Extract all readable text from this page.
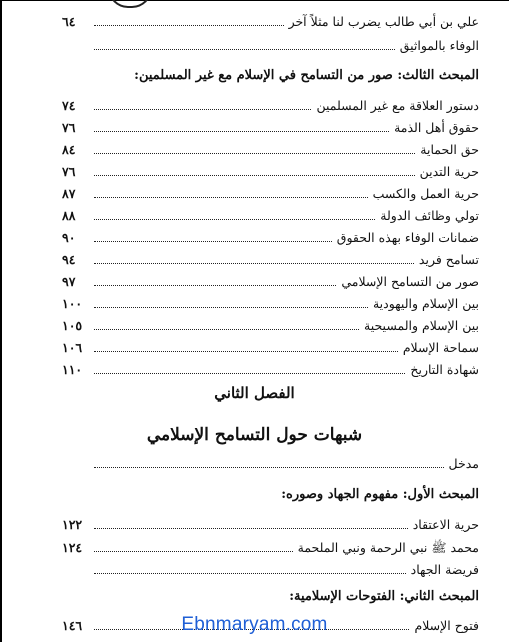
علي بن أبي طالب يضرب لنا مثلاً آخر
٦٤
الوفاء بالمواثيق
المبحث الثالث: صور من التسامح في الإسلام مع غير المسلمين:
دستور العلاقة مع غير المسلمين
٧٤
حقوق أهل الذمة
٧٦
حق الحماية
٨٤
حرية التدين
٧٦
حرية العمل والكسب
٨٧
تولي وظائف الدولة
٨٨
ضمانات الوفاء بهذه الحقوق
٩٠
تسامح فريد
٩٤
صور من التسامح الإسلامي
٩٧
بين الإسلام واليهودية
١٠٠
بين الإسلام والمسيحية
١٠٥
سماحة الإسلام
١٠٦
شهادة التاريخ
١١٠
الفصل الثاني
شبهات حول التسامح الإسلامي
مدخل
المبحث الأول: مفهوم الجهاد وصوره:
حرية الاعتقاد
١٢٢
محمد ﷺ نبي الرحمة ونبي الملحمة
١٢٤
فريضة الجهاد
المبحث الثاني: الفتوحات الإسلامية:
فتوح الإسلام
١٤٦	Ebnmaryam.com
